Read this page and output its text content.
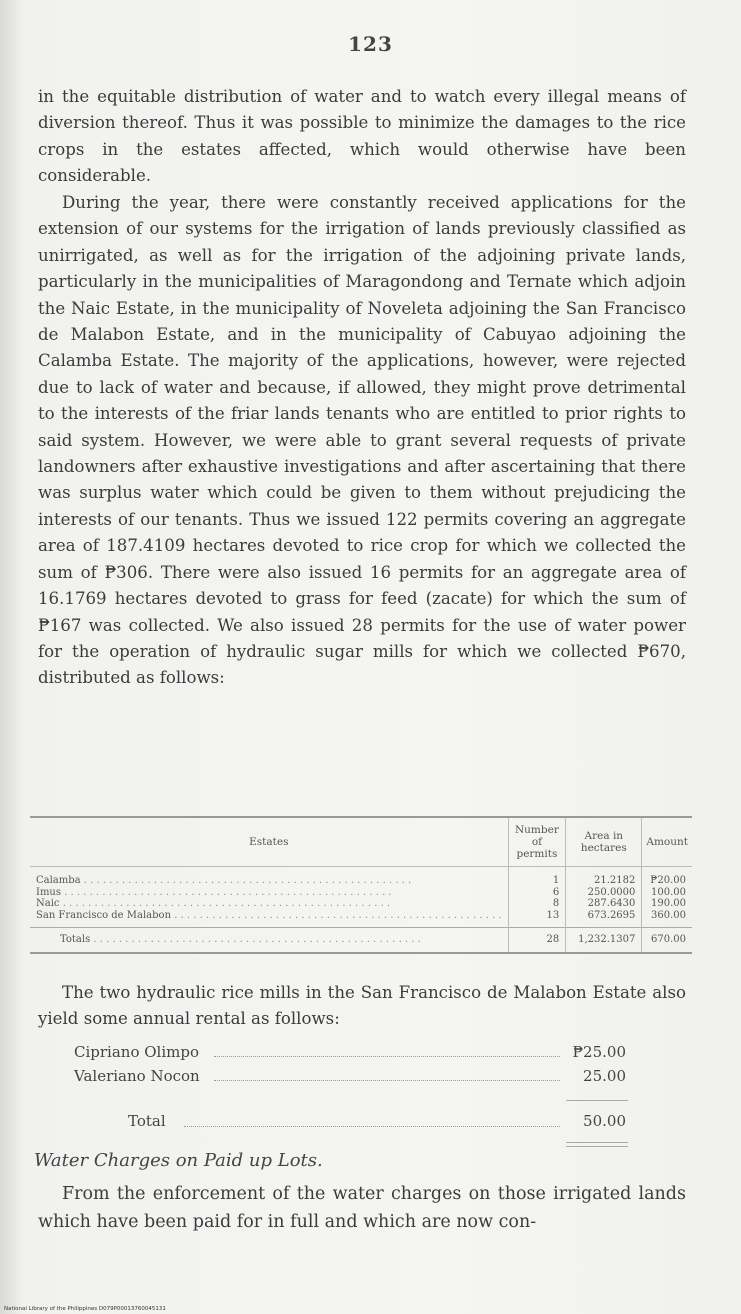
123
in the equitable distribution of water and to watch every illegal means of diversion thereof. Thus it was possible to minimize the damages to the rice crops in the estates affected, which would otherwise have been considerable.
During the year, there were constantly received applications for the extension of our systems for the irrigation of lands previously classified as unirrigated, as well as for the irrigation of the adjoining private lands, particularly in the municipalities of Maragondong and Ternate which adjoin the Naic Estate, in the municipality of Noveleta adjoining the San Francisco de Malabon Estate, and in the municipality of Cabuyao adjoining the Calamba Estate. The majority of the applications, however, were rejected due to lack of water and because, if allowed, they might prove detrimental to the interests of the friar lands tenants who are entitled to prior rights to said system. However, we were able to grant several requests of private landowners after exhaustive investigations and after ascertaining that there was surplus water which could be given to them without prejudicing the interests of our tenants. Thus we issued 122 permits covering an aggregate area of 187.4109 hectares devoted to rice crop for which we collected the sum of ₱306. There were also issued 16 permits for an aggregate area of 16.1769 hectares devoted to grass for feed (zacate) for which the sum of ₱167 was collected. We also issued 28 permits for the use of water power for the operation of hydraulic sugar mills for which we collected ₱670, distributed as follows:
Estates	Number of permits	Area in hectares	Amount
Calamba . . .	1	21.2182	₱20.00
Imus . . .	6	250.0000	100.00
Naic . . .	8	287.6430	190.00
San Francisco de Malabon . . .	13	673.2695	360.00
Totals . . .	28	1,232.1307	670.00
The two hydraulic rice mills in the San Francisco de Malabon Estate also yield some annual rental as follows:
Cipriano Olimpo	₱25.00
Valeriano Nocon	25.00
Total	50.00
Water Charges on Paid up Lots.
From the enforcement of the water charges on those irrigated lands which have been paid for in full and which are now con-
National Library of the Philippines D079P00013760045131
